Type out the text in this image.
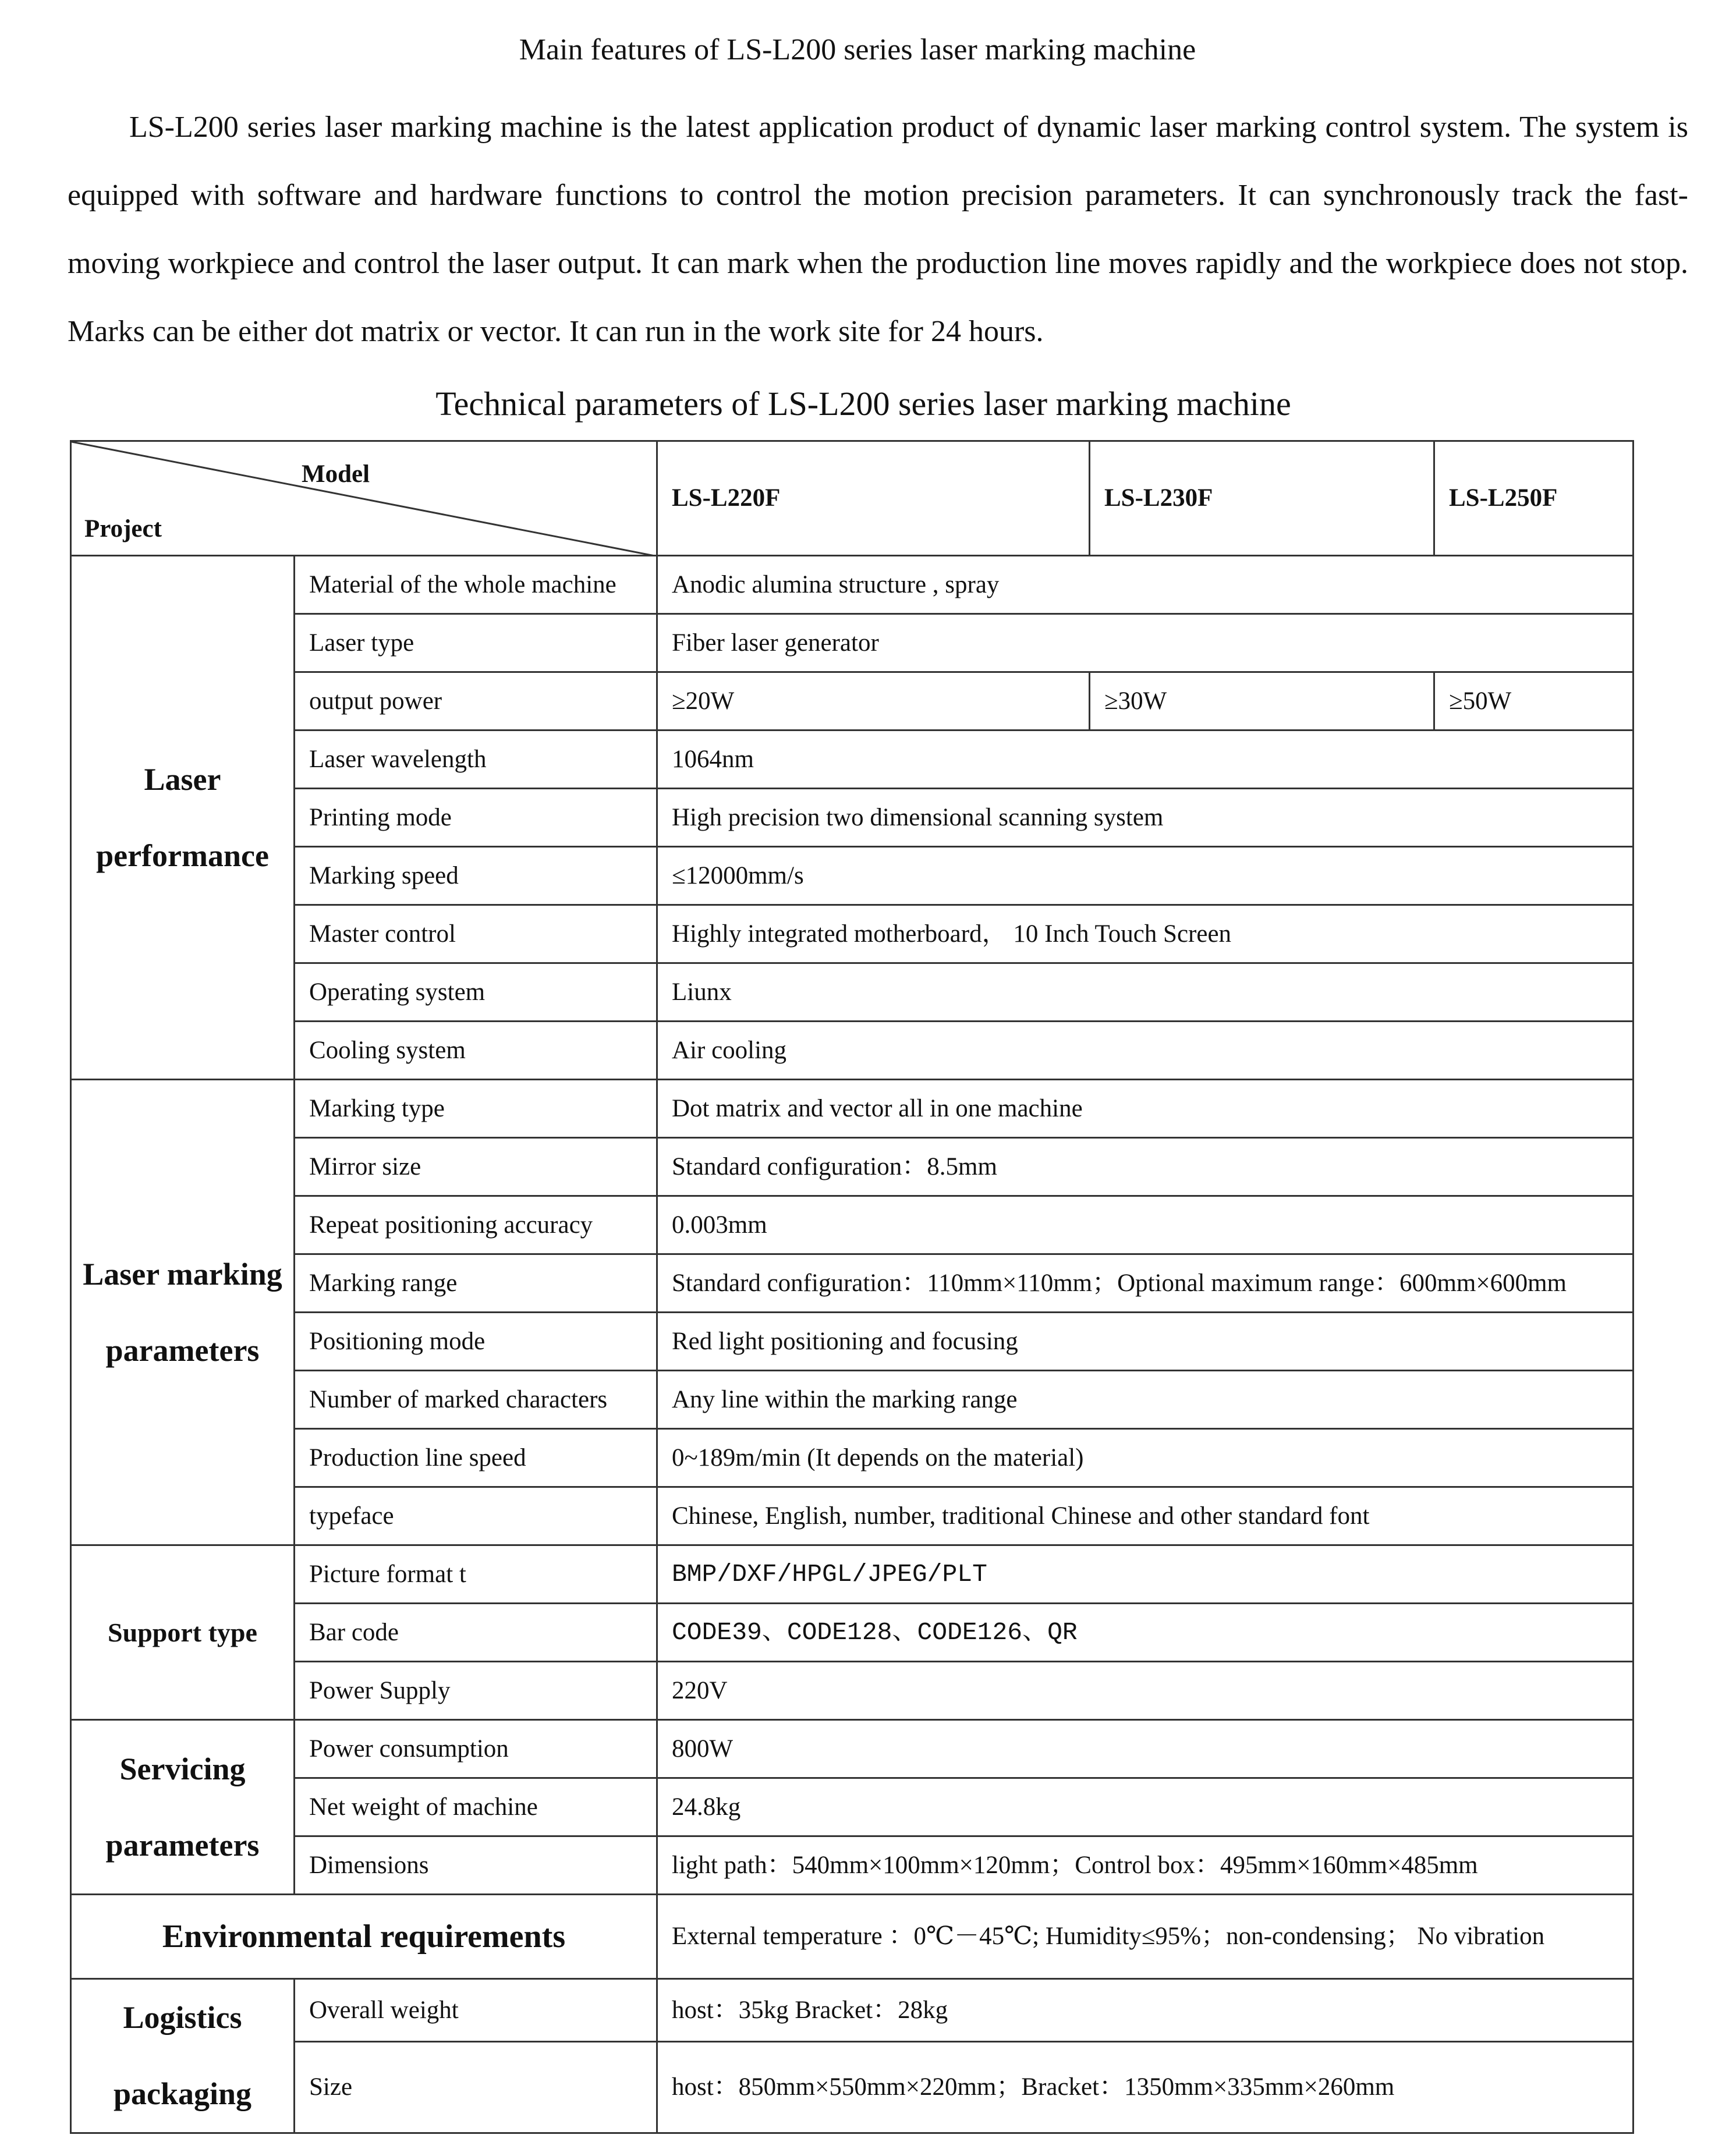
Main features of LS-L200 series laser marking machine
LS-L200 series laser marking machine is the latest application product of dynamic laser marking control system. The system is equipped with software and hardware functions to control the motion precision parameters. It can synchronously track the fast-moving workpiece and control the laser output. It can mark when the production line moves rapidly and the workpiece does not stop. Marks can be either dot matrix or vector. It can run in the work site for 24 hours.
Technical parameters of LS-L200 series laser marking machine
Model
Project		LS-L220F	LS-L230F	LS-L250F
Laser performance	Material of the whole machine	Anodic alumina structure , spray		
	Laser type	Fiber laser generator		
	output power	≥20W	≥30W	≥50W
	Laser wavelength	1064nm		
	Printing mode	High precision two dimensional scanning system		
	Marking speed	≤12000mm/s		
	Master control	Highly integrated motherboard， 10 Inch Touch Screen		
	Operating system	Liunx		
	Cooling system	Air cooling		
Laser marking parameters	Marking type	Dot matrix and vector all in one machine		
	Mirror size	Standard configuration：8.5mm		
	Repeat positioning accuracy	0.003mm		
	Marking range	Standard configuration：110mm×110mm；Optional maximum range：600mm×600mm		
	Positioning mode	Red light positioning and focusing		
	Number of marked characters	Any line within the marking range		
	Production line speed	0~189m/min (It depends on the material)		
	typeface	Chinese, English, number, traditional Chinese and other standard font		
Support type	Picture format t	BMP/DXF/HPGL/JPEG/PLT		
	Bar code	CODE39、CODE128、CODE126、QR		
	Power Supply	220V		
Servicing parameters	Power consumption	800W		
	Net weight of machine	24.8kg		
	Dimensions	light path：540mm×100mm×120mm；Control box：495mm×160mm×485mm		
Environmental requirements		External temperature ：0℃－45℃; Humidity≤95%；non-condensing； No vibration		
Logistics packaging	Overall weight	host：35kg Bracket：28kg		
	Size	host：850mm×550mm×220mm；Bracket：1350mm×335mm×260mm		
